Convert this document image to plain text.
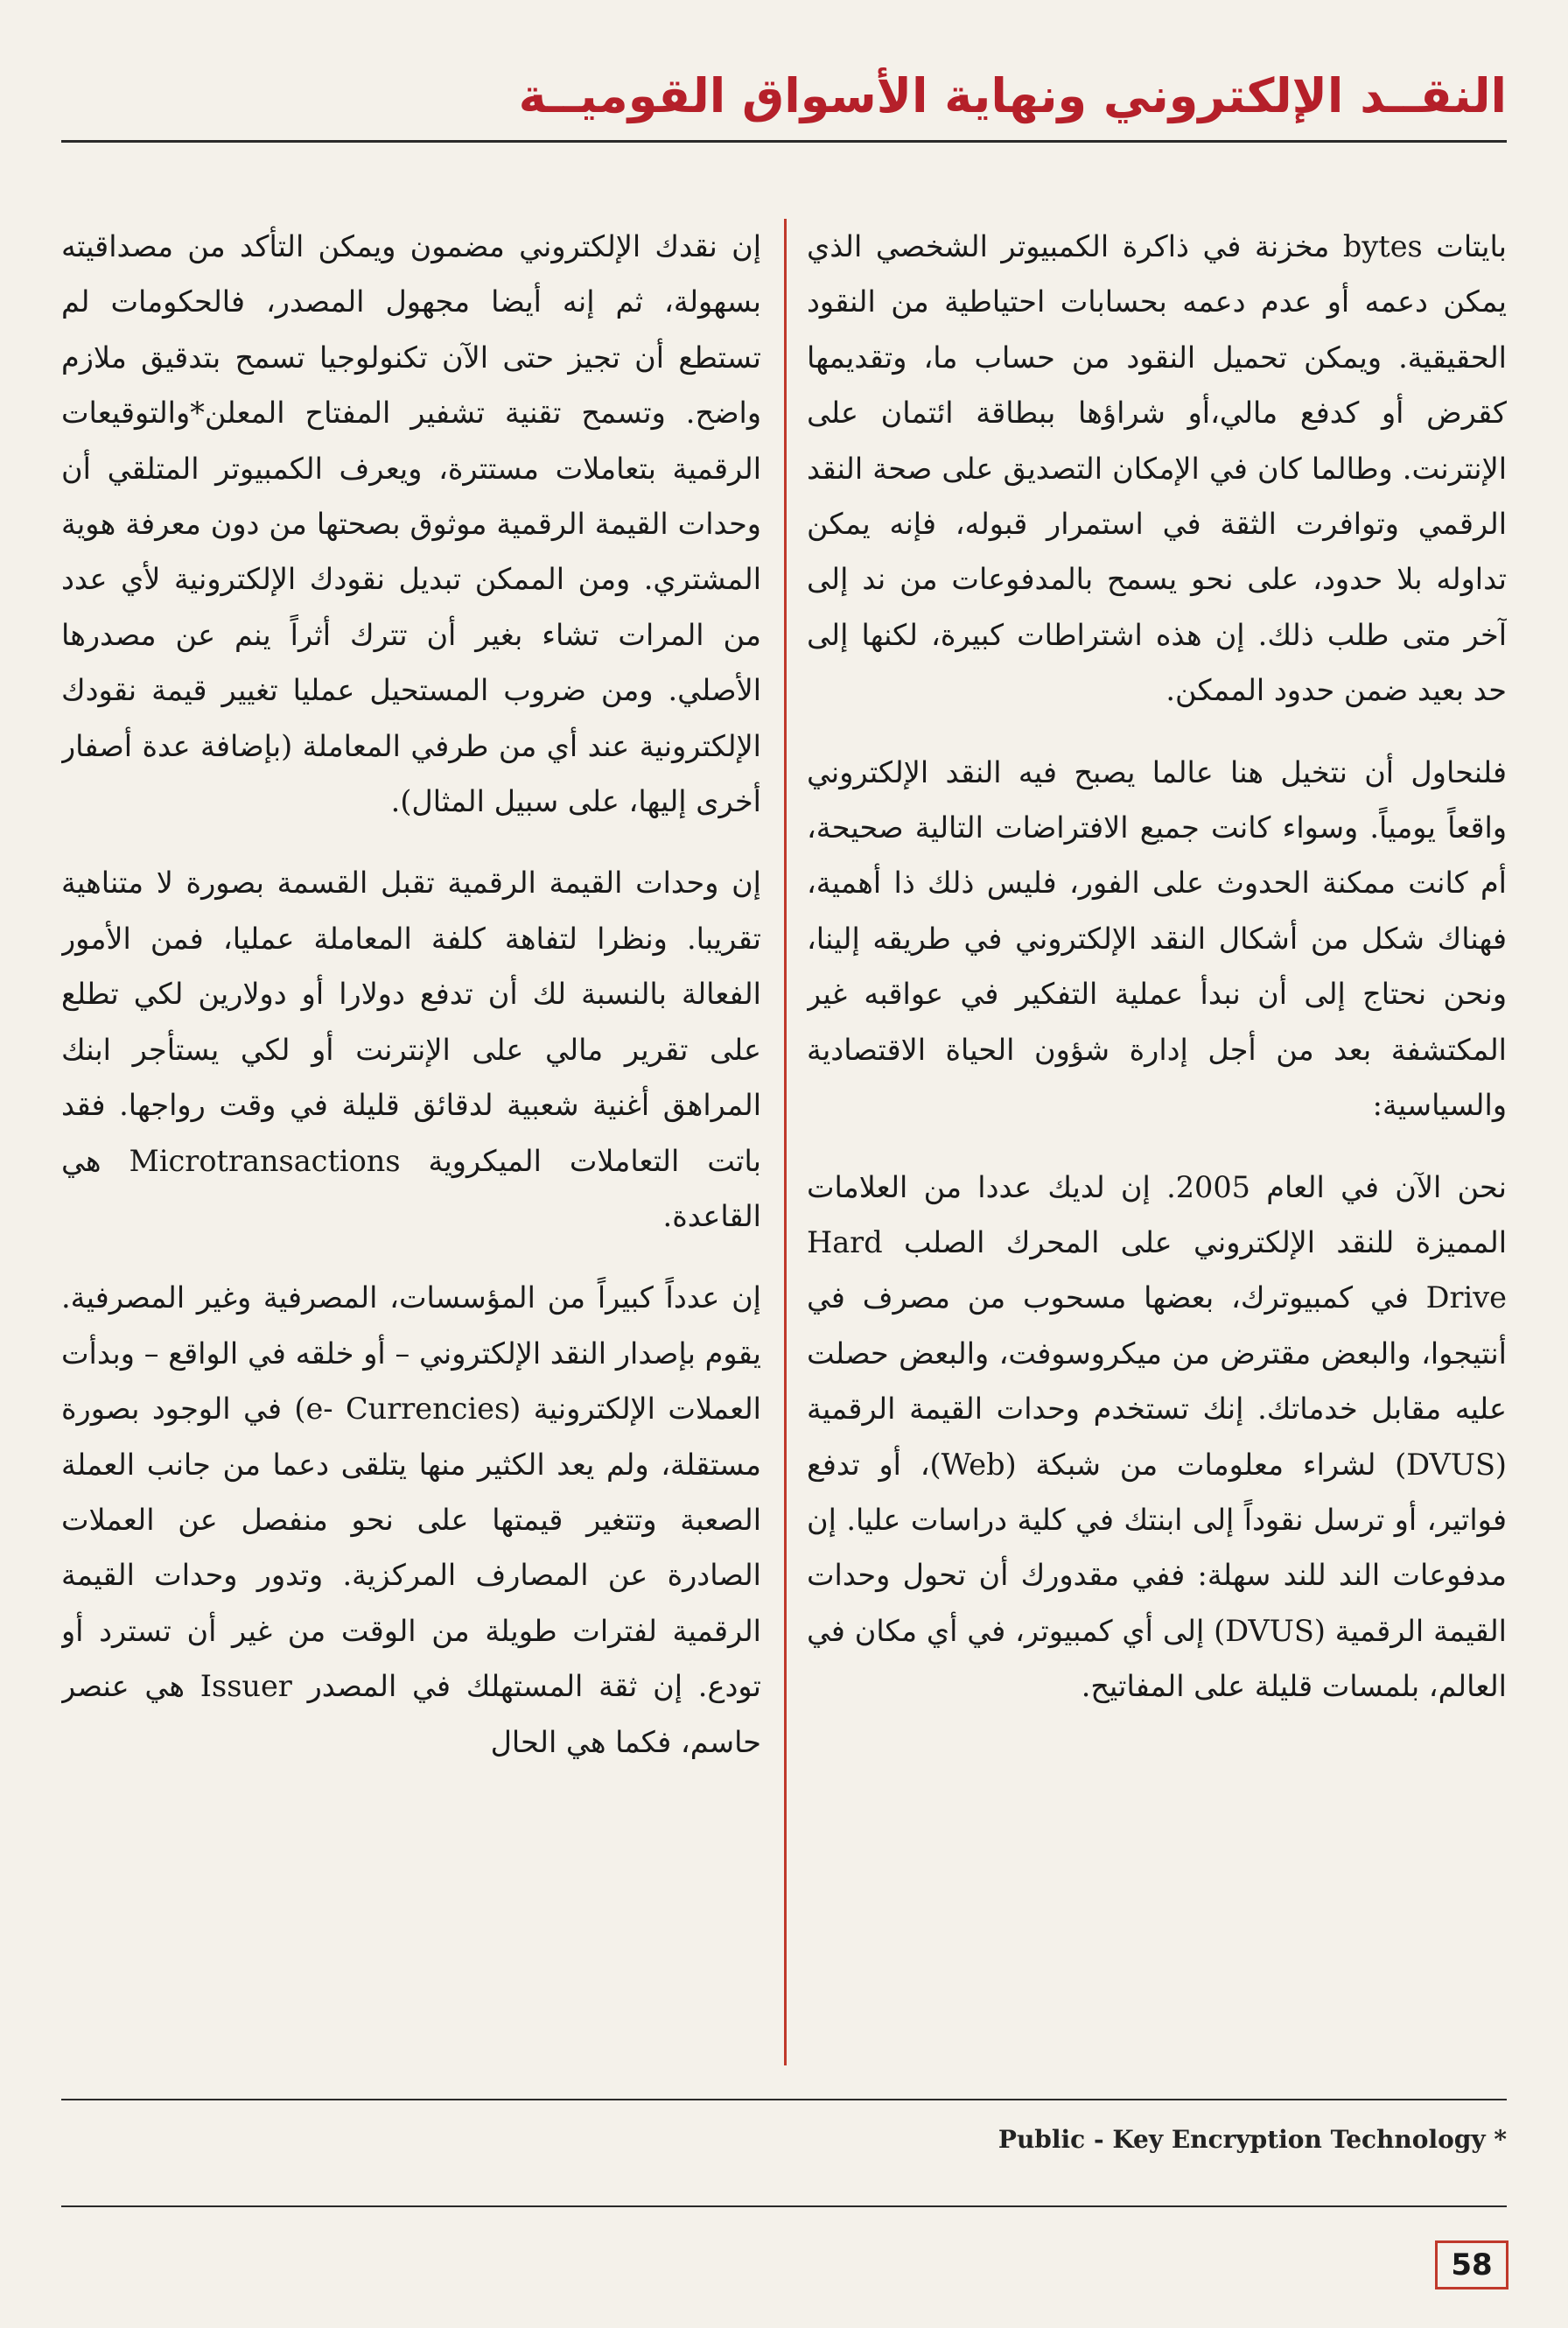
النقــد الإلكتروني ونهاية الأسواق القوميــة

بايتات bytes مخزنة في ذاكرة الكمبيوتر الشخصي الذي يمكن دعمه أو عدم دعمه بحسابات احتياطية من النقود الحقيقية. ويمكن تحميل النقود من حساب ما، وتقديمها كقرض أو كدفع مالي،أو شراؤها ببطاقة ائتمان على الإنترنت. وطالما كان في الإمكان التصديق على صحة النقد الرقمي وتوافرت الثقة في استمرار قبوله، فإنه يمكن تداوله بلا حدود، على نحو يسمح بالمدفوعات من ند إلى آخر متى طلب ذلك. إن هذه اشتراطات كبيرة، لكنها إلى حد بعيد ضمن حدود الممكن.

فلنحاول أن نتخيل هنا عالما يصبح فيه النقد الإلكتروني واقعاً يومياً. وسواء كانت جميع الافتراضات التالية صحيحة، أم كانت ممكنة الحدوث على الفور، فليس ذلك ذا أهمية، فهناك شكل من أشكال النقد الإلكتروني في طريقه إلينا، ونحن نحتاج إلى أن نبدأ عملية التفكير في عواقبه غير المكتشفة بعد من أجل إدارة شؤون الحياة الاقتصادية والسياسية:

نحن الآن في العام 2005. إن لديك عددا من العلامات المميزة للنقد الإلكتروني على المحرك الصلب Hard Drive في كمبيوترك، بعضها مسحوب من مصرف في أنتيجوا، والبعض مقترض من ميكروسوفت، والبعض حصلت عليه مقابل خدماتك. إنك تستخدم وحدات القيمة الرقمية (DVUS) لشراء معلومات من شبكة (Web)، أو تدفع فواتير، أو ترسل نقوداً إلى ابنتك في كلية دراسات عليا. إن مدفوعات الند للند سهلة: ففي مقدورك أن تحول وحدات القيمة الرقمية (DVUS) إلى أي كمبيوتر، في أي مكان في العالم، بلمسات قليلة على المفاتيح.

إن نقدك الإلكتروني مضمون ويمكن التأكد من مصداقيته بسهولة، ثم إنه أيضا مجهول المصدر، فالحكومات لم تستطع أن تجيز حتى الآن تكنولوجيا تسمح بتدقيق ملازم واضح. وتسمح تقنية تشفير المفتاح المعلن*والتوقيعات الرقمية بتعاملات مستترة، ويعرف الكمبيوتر المتلقي أن وحدات القيمة الرقمية موثوق بصحتها من دون معرفة هوية المشتري. ومن الممكن تبديل نقودك الإلكترونية لأي عدد من المرات تشاء بغير أن تترك أثراً ينم عن مصدرها الأصلي. ومن ضروب المستحيل عمليا تغيير قيمة نقودك الإلكترونية عند أي من طرفي المعاملة (بإضافة عدة أصفار أخرى إليها، على سبيل المثال).

إن وحدات القيمة الرقمية تقبل القسمة بصورة لا متناهية تقريبا. ونظرا لتفاهة كلفة المعاملة عمليا، فمن الأمور الفعالة بالنسبة لك أن تدفع دولارا أو دولارين لكي تطلع على تقرير مالي على الإنترنت أو لكي يستأجر ابنك المراهق أغنية شعبية لدقائق قليلة في وقت رواجها. فقد باتت التعاملات الميكروية Microtransactions هي القاعدة.

إن عدداً كبيراً من المؤسسات، المصرفية وغير المصرفية. يقوم بإصدار النقد الإلكتروني – أو خلقه في الواقع – وبدأت العملات الإلكترونية (e- Currencies) في الوجود بصورة مستقلة، ولم يعد الكثير منها يتلقى دعما من جانب العملة الصعبة وتتغير قيمتها على نحو منفصل عن العملات الصادرة عن المصارف المركزية. وتدور وحدات القيمة الرقمية لفترات طويلة من الوقت من غير أن تسترد أو تودع. إن ثقة المستهلك في المصدر Issuer هي عنصر حاسم، فكما هي الحال

Public - Key Encryption Technology *
58
